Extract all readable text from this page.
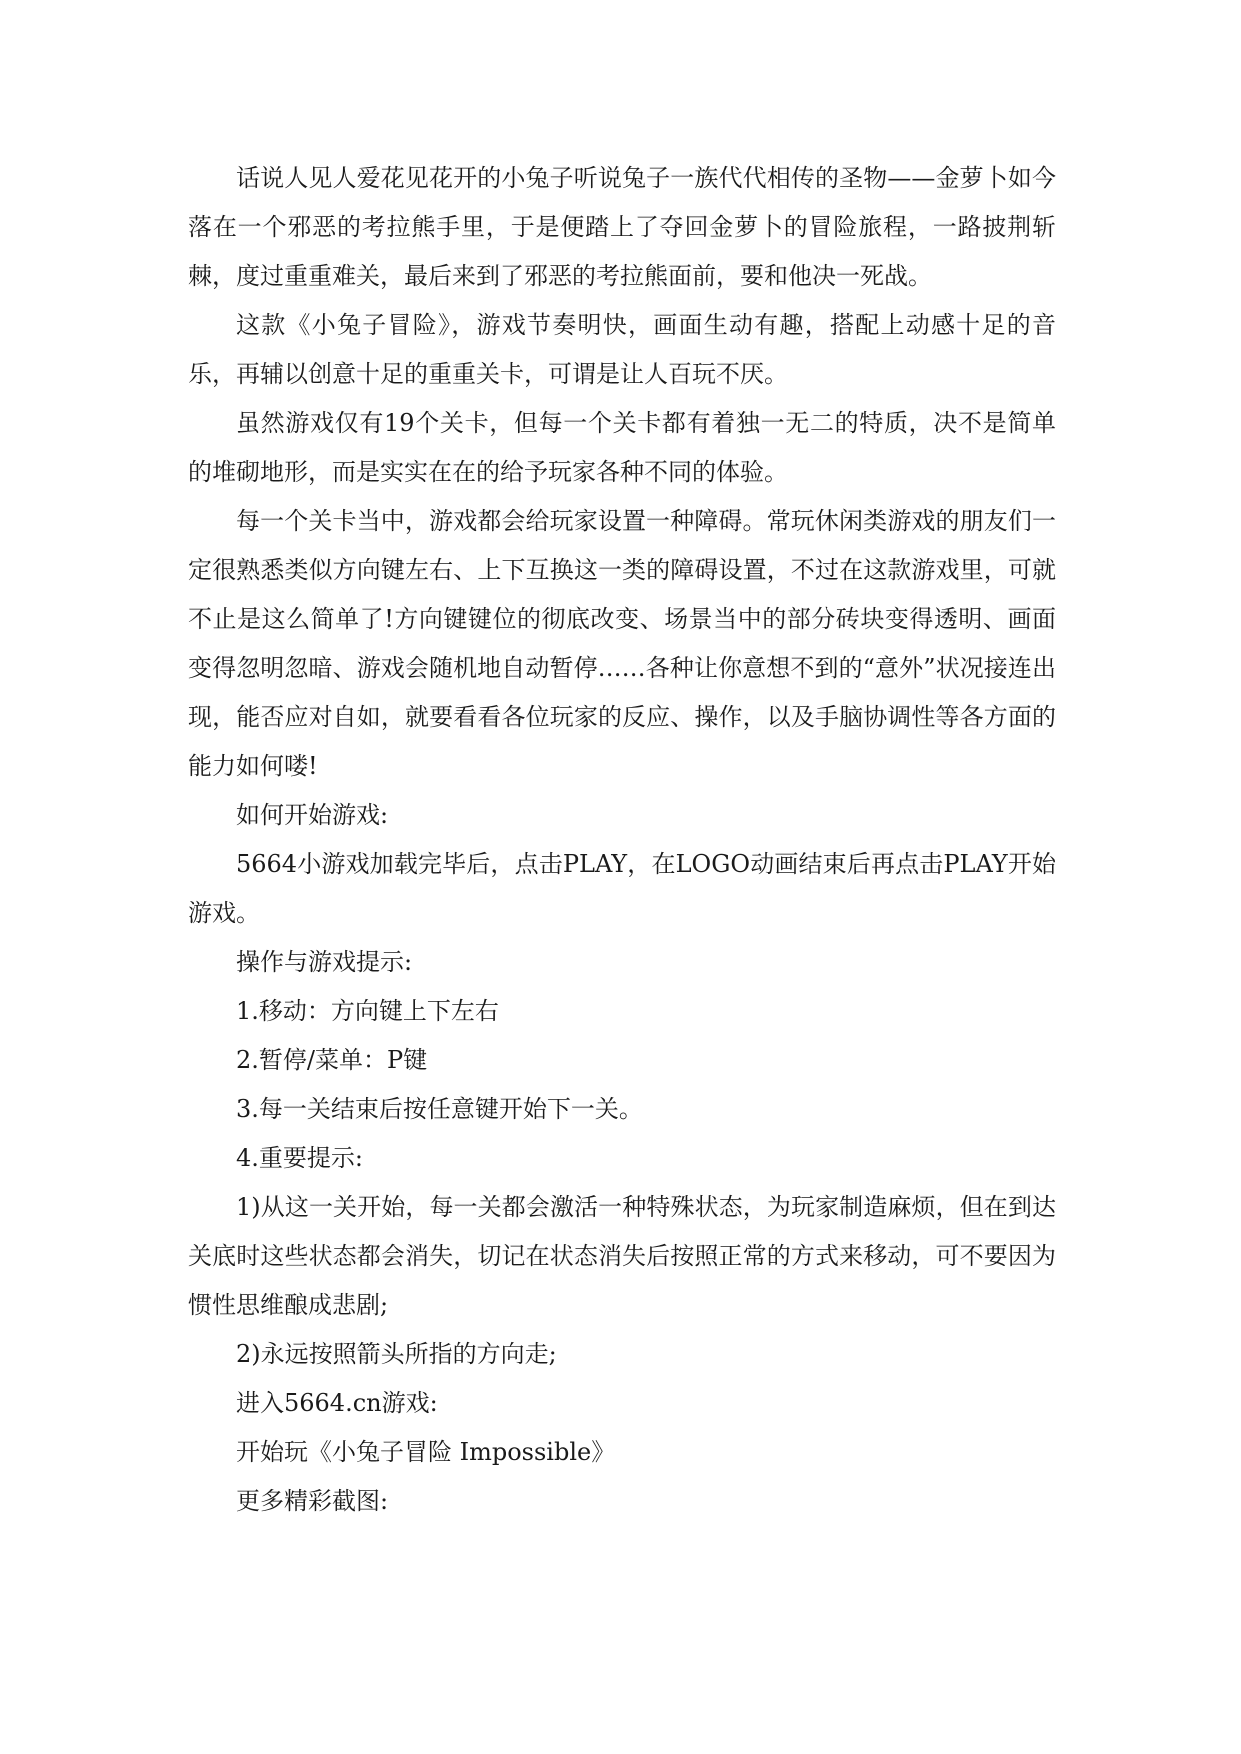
话说人见人爱花见花开的小兔子听说兔子一族代代相传的圣物——金萝卜如今落在一个邪恶的考拉熊手里，于是便踏上了夺回金萝卜的冒险旅程，一路披荆斩棘，度过重重难关，最后来到了邪恶的考拉熊面前，要和他决一死战。

这款《小兔子冒险》，游戏节奏明快，画面生动有趣，搭配上动感十足的音乐，再辅以创意十足的重重关卡，可谓是让人百玩不厌。

虽然游戏仅有19个关卡，但每一个关卡都有着独一无二的特质，决不是简单的堆砌地形，而是实实在在的给予玩家各种不同的体验。

每一个关卡当中，游戏都会给玩家设置一种障碍。常玩休闲类游戏的朋友们一定很熟悉类似方向键左右、上下互换这一类的障碍设置，不过在这款游戏里，可就不止是这么简单了!方向键键位的彻底改变、场景当中的部分砖块变得透明、画面变得忽明忽暗、游戏会随机地自动暂停……各种让你意想不到的“意外”状况接连出现，能否应对自如，就要看看各位玩家的反应、操作，以及手脑协调性等各方面的能力如何喽!

如何开始游戏:

5664小游戏加载完毕后，点击PLAY，在LOGO动画结束后再点击PLAY开始游戏。

操作与游戏提示:

1.移动：方向键上下左右

2.暂停/菜单：P键

3.每一关结束后按任意键开始下一关。

4.重要提示:

1)从这一关开始，每一关都会激活一种特殊状态，为玩家制造麻烦，但在到达关底时这些状态都会消失，切记在状态消失后按照正常的方式来移动，可不要因为惯性思维酿成悲剧;

2)永远按照箭头所指的方向走;

进入5664.cn游戏:

开始玩《小兔子冒险 Impossible》

更多精彩截图:
